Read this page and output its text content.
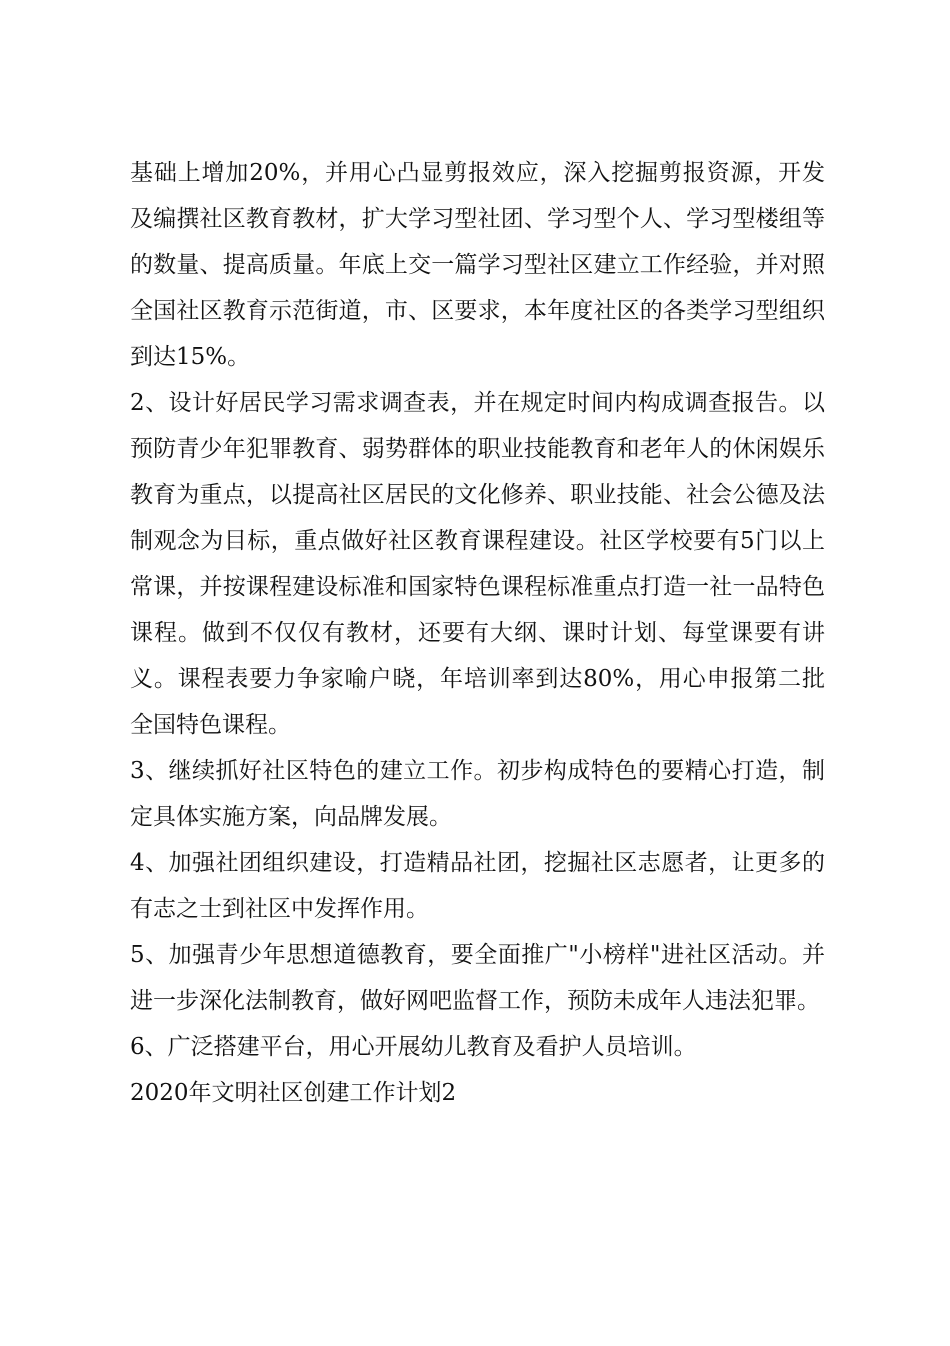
基础上增加20%，并用心凸显剪报效应，深入挖掘剪报资源，开发及编撰社区教育教材，扩大学习型社团、学习型个人、学习型楼组等的数量、提高质量。年底上交一篇学习型社区建立工作经验，并对照全国社区教育示范街道，市、区要求，本年度社区的各类学习型组织到达15%。

2、设计好居民学习需求调查表，并在规定时间内构成调查报告。以预防青少年犯罪教育、弱势群体的职业技能教育和老年人的休闲娱乐教育为重点，以提高社区居民的文化修养、职业技能、社会公德及法制观念为目标，重点做好社区教育课程建设。社区学校要有5门以上常课，并按课程建设标准和国家特色课程标准重点打造一社一品特色课程。做到不仅仅有教材，还要有大纲、课时计划、每堂课要有讲义。课程表要力争家喻户晓，年培训率到达80%，用心申报第二批全国特色课程。

3、继续抓好社区特色的建立工作。初步构成特色的要精心打造，制定具体实施方案，向品牌发展。

4、加强社团组织建设，打造精品社团，挖掘社区志愿者，让更多的有志之士到社区中发挥作用。

5、加强青少年思想道德教育，要全面推广"小榜样"进社区活动。并进一步深化法制教育，做好网吧监督工作，预防未成年人违法犯罪。

6、广泛搭建平台，用心开展幼儿教育及看护人员培训。

2020年文明社区创建工作计划2
